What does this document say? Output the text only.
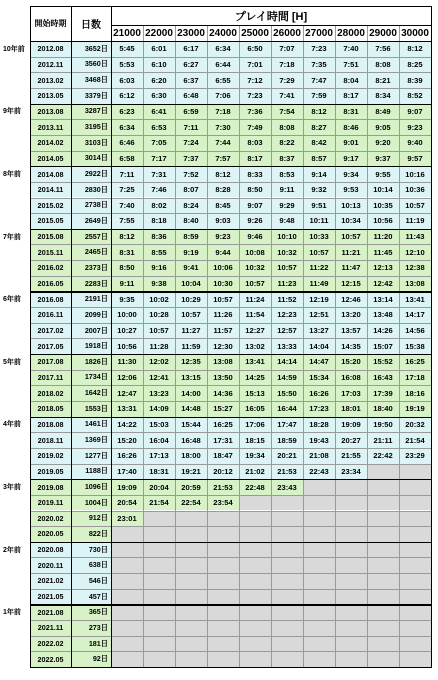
開始時期	日数
プレイ時間 [H]
21000 22000 23000 24000 25000 26000 27000 28000 29000 30000
10年前	2012.08	3652日	5:45	6:01	6:17	6:34	6:50	7:07	7:23	7:40	7:56	8:12
2012.11	3560日	5:53	6:10	6:27	6:44	7:01	7:18	7:35	7:51	8:08	8:25
2013.02	3468日	6:03	6:20	6:37	6:55	7:12	7:29	7:47	8:04	8:21	8:39
2013.05	3379日	6:12	6:30	6:48	7:06	7:23	7:41	7:59	8:17	8:34	8:52
9年前	2013.08	3287日	6:23	6:41	6:59	7:18	7:36	7:54	8:12	8:31	8:49	9:07
2013.11	3195日	6:34	6:53	7:11	7:30	7:49	8:08	8:27	8:46	9:05	9:23
2014.02	3103日	6:46	7:05	7:24	7:44	8:03	8:22	8:42	9:01	9:20	9:40
2014.05	3014日	6:58	7:17	7:37	7:57	8:17	8:37	8:57	9:17	9:37	9:57
8年前	2014.08	2922日	7:11	7:31	7:52	8:12	8:33	8:53	9:14	9:34	9:55	10:16
2014.11	2830日	7:25	7:46	8:07	8:28	8:50	9:11	9:32	9:53	10:14	10:36
2015.02	2738日	7:40	8:02	8:24	8:45	9:07	9:29	9:51	10:13	10:35	10:57
2015.05	2649日	7:55	8:18	8:40	9:03	9:26	9:48	10:11	10:34	10:56	11:19
7年前	2015.08	2557日	8:12	8:36	8:59	9:23	9:46	10:10	10:33	10:57	11:20	11:43
2015.11	2465日	8:31	8:55	9:19	9:44	10:08	10:32	10:57	11:21	11:45	12:10
2016.02	2373日	8:50	9:16	9:41	10:06	10:32	10:57	11:22	11:47	12:13	12:38
2016.05	2283日	9:11	9:38	10:04	10:30	10:57	11:23	11:49	12:15	12:42	13:08
6年前	2016.08	2191日	9:35	10:02	10:29	10:57	11:24	11:52	12:19	12:46	13:14	13:41
2016.11	2099日	10:00	10:28	10:57	11:26	11:54	12:23	12:51	13:20	13:48	14:17
2017.02	2007日	10:27	10:57	11:27	11:57	12:27	12:57	13:27	13:57	14:26	14:56
2017.05	1918日	10:56	11:28	11:59	12:30	13:02	13:33	14:04	14:35	15:07	15:38
5年前	2017.08	1826日	11:30	12:02	12:35	13:08	13:41	14:14	14:47	15:20	15:52	16:25
2017.11	1734日	12:06	12:41	13:15	13:50	14:25	14:59	15:34	16:08	16:43	17:18
2018.02	1642日	12:47	13:23	14:00	14:36	15:13	15:50	16:26	17:03	17:39	18:16
2018.05	1553日	13:31	14:09	14:48	15:27	16:05	16:44	17:23	18:01	18:40	19:19
4年前	2018.08	1461日	14:22	15:03	15:44	16:25	17:06	17:47	18:28	19:09	19:50	20:32
2018.11	1369日	15:20	16:04	16:48	17:31	18:15	18:59	19:43	20:27	21:11	21:54
2019.02	1277日	16:26	17:13	18:00	18:47	19:34	20:21	21:08	21:55	22:42	23:29
2019.05	1188日	17:40	18:31	19:21	20:12	21:02	21:53	22:43	23:34
3年前	2019.08	1096日	19:09	20:04	20:59	21:53	22:48	23:43
2019.11	1004日	20:54	21:54	22:54	23:54
2020.02	912日	23:01
2020.05	822日
2年前	2020.08	730日
2020.11	638日
2021.02	546日
2021.05	457日
1年前	2021.08	365日
2021.11	273日
2022.02	181日
2022.05	92日
